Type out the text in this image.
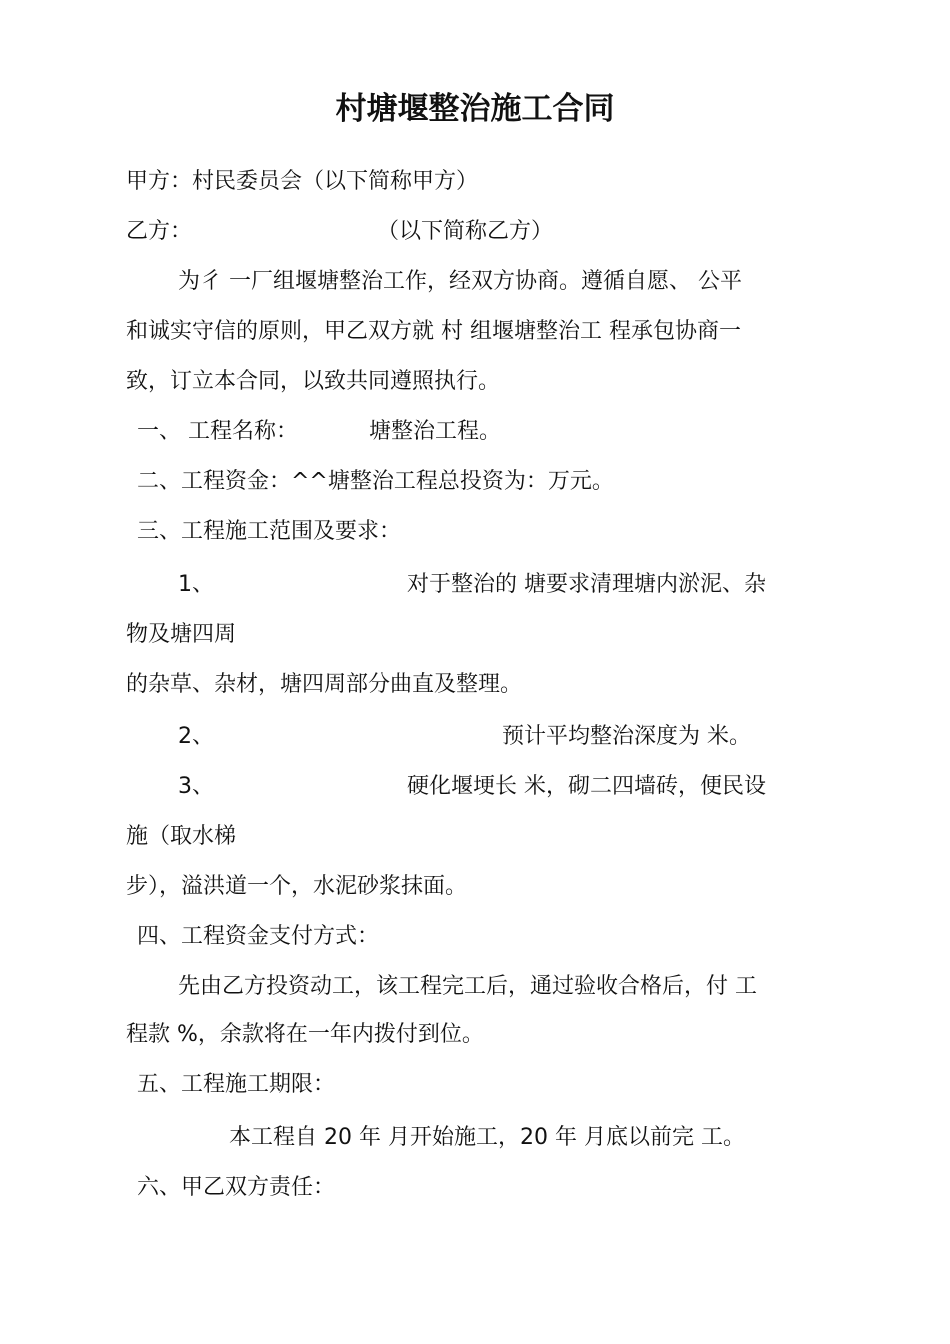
村塘堰整治施工合同
甲方：村民委员会（以下简称甲方）
乙方：	（以下简称乙方）
为彳 一厂组堰塘整治工作，经双方协商。遵循自愿、 公平
和诚实守信的原则，甲乙双方就 村 组堰塘整治工 程承包协商一
致，订立本合同，以致共同遵照执行。
一、 工程名称：	塘整治工程。
二、工程资金：^^塘整治工程总投资为：万元。
三、工程施工范围及要求：
1、	对于整治的 塘要求清理塘内淤泥、杂
物及塘四周
的杂草、杂材，塘四周部分曲直及整理。
2、	预计平均整治深度为 米。
3、	硬化堰埂长 米，砌二四墙砖，便民设
施（取水梯
步），溢洪道一个，水泥砂浆抹面。
四、工程资金支付方式：
先由乙方投资动工，该工程完工后，通过验收合格后，付 工
程款 %，余款将在一年内拨付到位。
五、工程施工期限：
本工程自 20 年 月开始施工，20 年 月底以前完 工。
六、甲乙双方责任：
